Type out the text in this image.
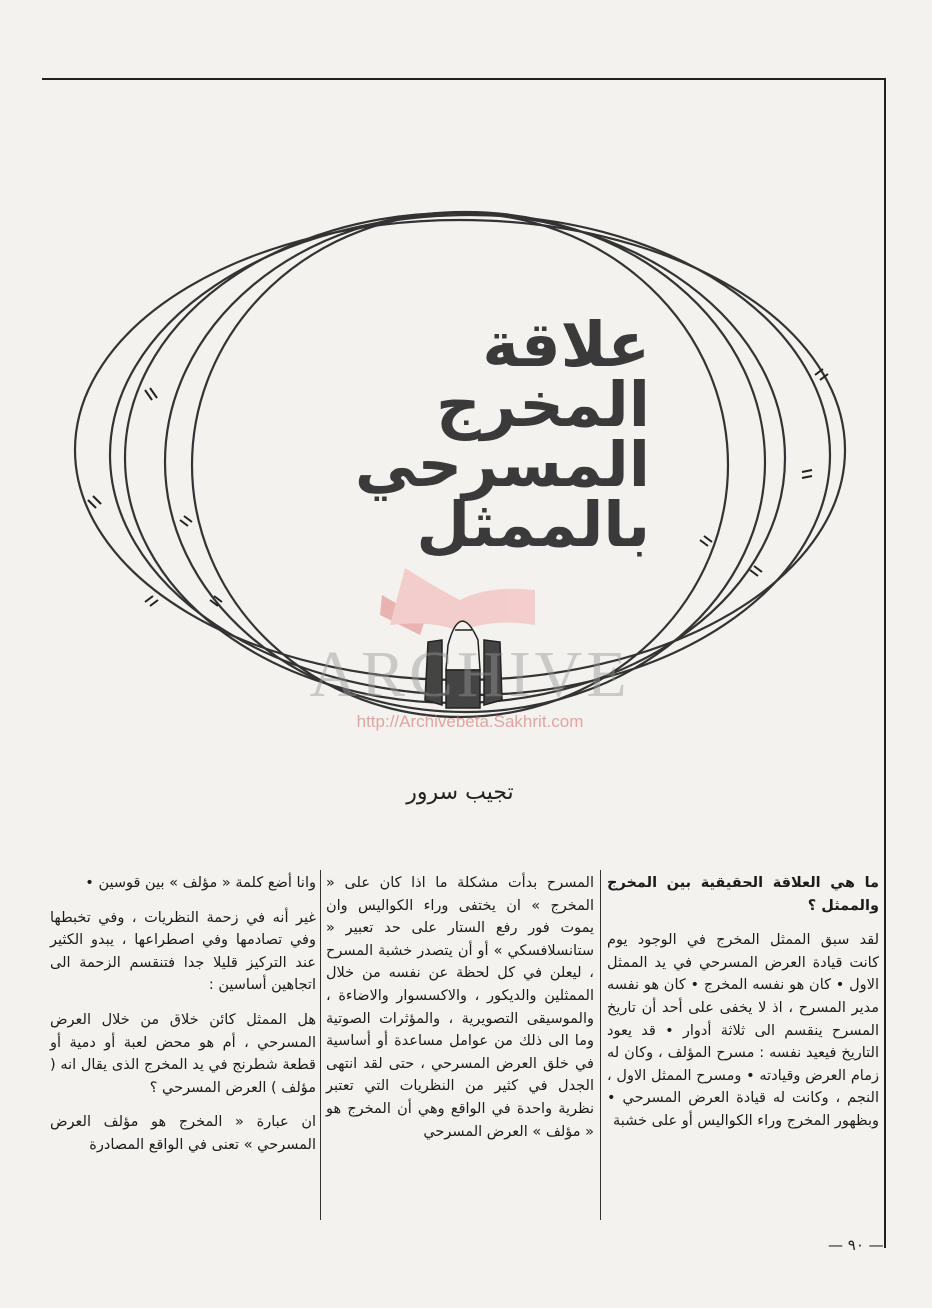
علاقة
المخرج
المسرحي
بالممثل
ARCHIVE
http://Archivebeta.Sakhrit.com
تجيب سرور

ما هي العلاقة الحقيقية بين المخرج والممثل ؟

لقد سبق الممثل المخرج في الوجود يوم كانت قيادة العرض المسرحي في يد الممثل الاول • كان هو نفسه المخرج • كان هو نفسه مدير المسرح ، اذ لا يخفى على أحد أن تاريخ المسرح ينقسم الى ثلاثة أدوار • قد يعود التاريخ فيعيد نفسه : مسرح المؤلف ، وكان له زمام العرض وقيادته • ومسرح الممثل الاول ، النجم ، وكانت له قيادة العرض المسرحي • وبظهور المخرج وراء الكواليس أو على خشبة

المسرح بدأت مشكلة ما اذا كان على « المخرج » ان يختفى وراء الكواليس وان يموت فور رفع الستار على حد تعبير « ستانسلافسكي » أو أن يتصدر خشبة المسرح ، ليعلن في كل لحظة عن نفسه من خلال الممثلين والديكور ، والاكسسوار والاضاءة ، والموسيقى التصويرية ، والمؤثرات الصوتية وما الى ذلك من عوامل مساعدة أو أساسية في خلق العرض المسرحي ، حتى لقد انتهى الجدل في كثير من النظريات التي تعتبر نظرية واحدة في الواقع وهي أن المخرج هو « مؤلف » العرض المسرحي

وانا أضع كلمة « مؤلف » بين قوسين •

غير أنه في زحمة النظريات ، وفي تخبطها وفي تصادمها وفي اصطراعها ، يبدو الكثير عند التركيز قليلا جدا فتنقسم الزحمة الى اتجاهين أساسين :

هل الممثل كائن خلاق من خلال العرض المسرحي ، أم هو محض لعبة أو دمية أو قطعة شطرنج في يد المخرج الذى يقال انه ( مؤلف ) العرض المسرحي ؟

ان عبارة « المخرج هو مؤلف العرض المسرحي » تعنى في الواقع المصادرة

— ٩٠ —
